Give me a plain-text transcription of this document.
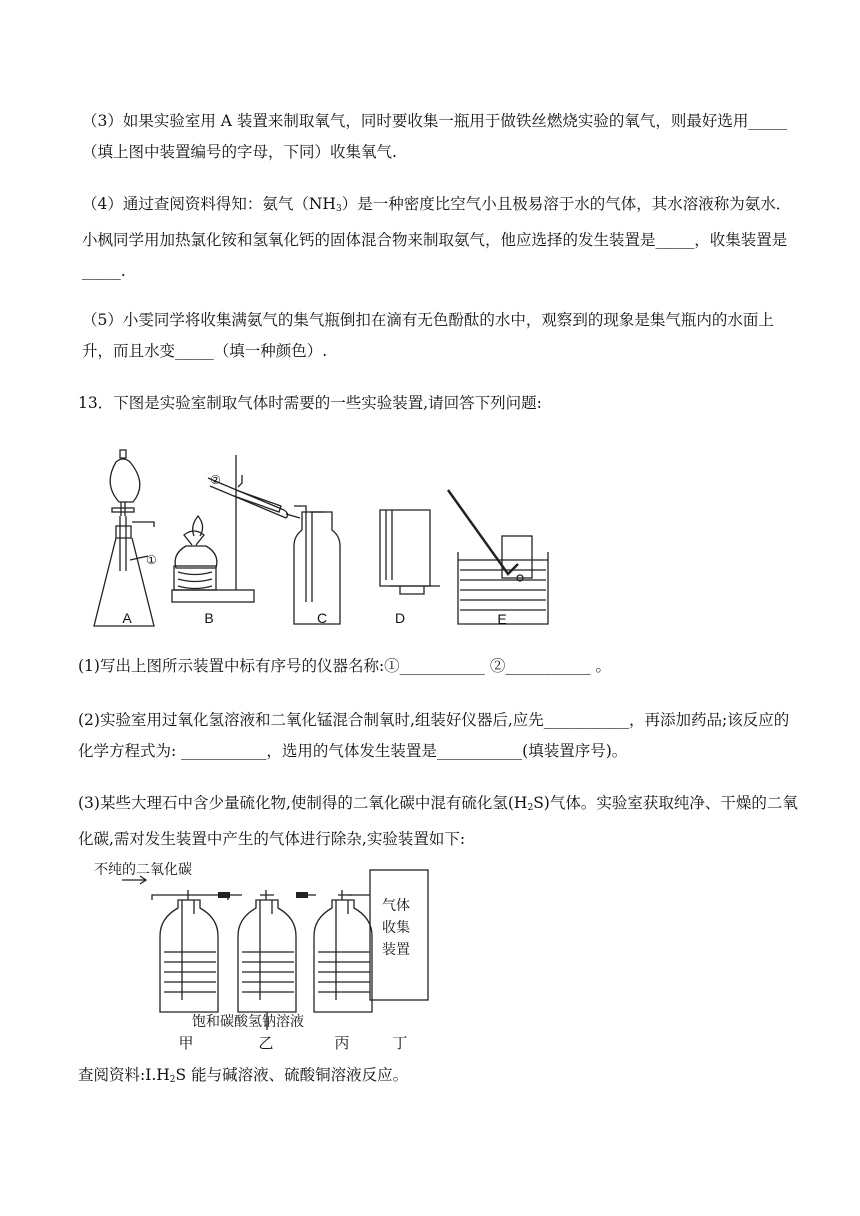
（3）如果实验室用 A 装置来制取氧气，同时要收集一瓶用于做铁丝燃烧实验的氧气，则最好选用_____（填上图中装置编号的字母，下同）收集氧气.

（4）通过查阅资料得知：氨气$(NH_3)$是一种密度比空气小且极易溶于水的气体，其水溶液称为氨水．小枫同学用加热氯化铵和氢氧化钙的固体混合物来制取氨气，他应选择的发生装置是_____，收集装置是_____.

（5）小雯同学将收集满氨气的集气瓶倒扣在滴有无色酚酞的水中，观察到的现象是集气瓶内的水面上升，而且水变_____（填一种颜色）.

13．下图是实验室制取气体时需要的一些实验装置,请回答下列问题:

①
②
A	B	C	D	E

(1)写出上图所示装置中标有序号的仪器名称:①___________ ②___________ 。

(2)实验室用过氧化氢溶液和二氧化锰混合制氧时,组装好仪器后,应先___________，再添加药品;该反应的化学方程式为: ___________，选用的气体发生装置是___________(填装置序号)。

(3)某些大理石中含少量硫化物,使制得的二氧化碳中混有硫化氢$(H_2S)$气体。实验室获取纯净、干燥的二氧化碳,需对发生装置中产生的气体进行除杂,实验装置如下:

不纯的二氧化碳
饱和碳酸氢钠溶液
气体
收集
装置
甲	乙	丙	丁

查阅资料$:I.H_2S$ 能与碱溶液、硫酸铜溶液反应。
